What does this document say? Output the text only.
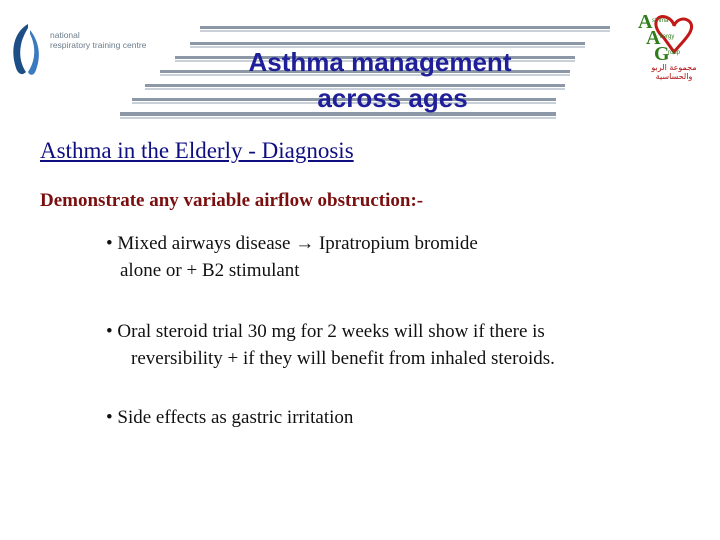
national
respiratory training centre
A
A
G
sthma
llergy
roup
مجموعة الربو والحساسية
Asthma management
across ages
Asthma in the Elderly - Diagnosis
Demonstrate any variable airflow obstruction:-
• Mixed airways disease → Ipratropium bromide
alone or + B2 stimulant
• Oral steroid trial 30 mg for 2 weeks will show if there is
reversibility + if they will benefit from inhaled steroids.
• Side effects as gastric irritation
